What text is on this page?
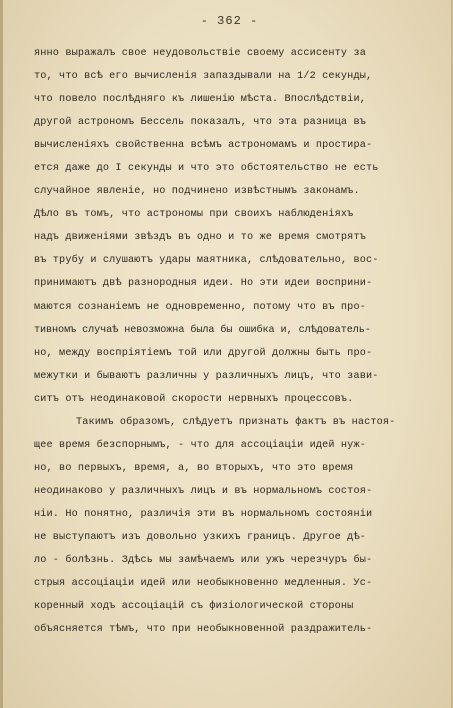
- 362 -
янно выражалъ свое неудовольствіе своему ассисенту за
то, что всѣ его вычисленія запаздывали на 1/2 секунды,
что повело послѣдняго къ лишенію мѣста. Впослѣдствіи,
другой астрономъ Бессель показалъ, что эта разница въ
вычисленіяхъ свойственна всѣмъ астрономамъ и простира-
ется даже до I секунды и что это обстоятельство не есть
случайное явленіе, но подчинено извѣстнымъ законамъ.
Дѣло въ томъ, что астрономы при своихъ наблюденіяхъ
надъ движеніями звѣздъ въ одно и то же время смотрятъ
въ трубу и слушаютъ удары маятника, слѣдовательно, вос-
принимаютъ двѣ разнородныя идеи. Но эти идеи восприни-
маются сознаніемъ не одновременно, потому что въ про-
тивномъ случаѣ невозможна была бы ошибка и, слѣдователь-
но, между воспріятіемъ той или другой должны быть про-
межутки и бываютъ различны у различныхъ лицъ, что зави-
ситъ отъ неодинаковой скорости нервныхъ процессовъ.
Такимъ образомъ, слѣдуетъ признать фактъ въ настоя-
щее время безспорнымъ, - что для ассоціаціи идей нуж-
но, во первыхъ, время, а, во вторыхъ, что это время
неодинаково у различныхъ лицъ и въ нормальномъ состоя-
ніи. Но понятно, различія эти въ нормальномъ состояніи
не выступаютъ изъ довольно узкихъ границъ. Другое дѣ-
ло - болѣзнь. Здѣсь мы замѣчаемъ или ужъ черезчуръ бы-
стрыя ассоціаціи идей или необыкновенно медленныя. Ус-
коренный ходъ ассоціацій съ физіологической стороны
объясняется тѣмъ, что при необыкновенной раздражитель-
